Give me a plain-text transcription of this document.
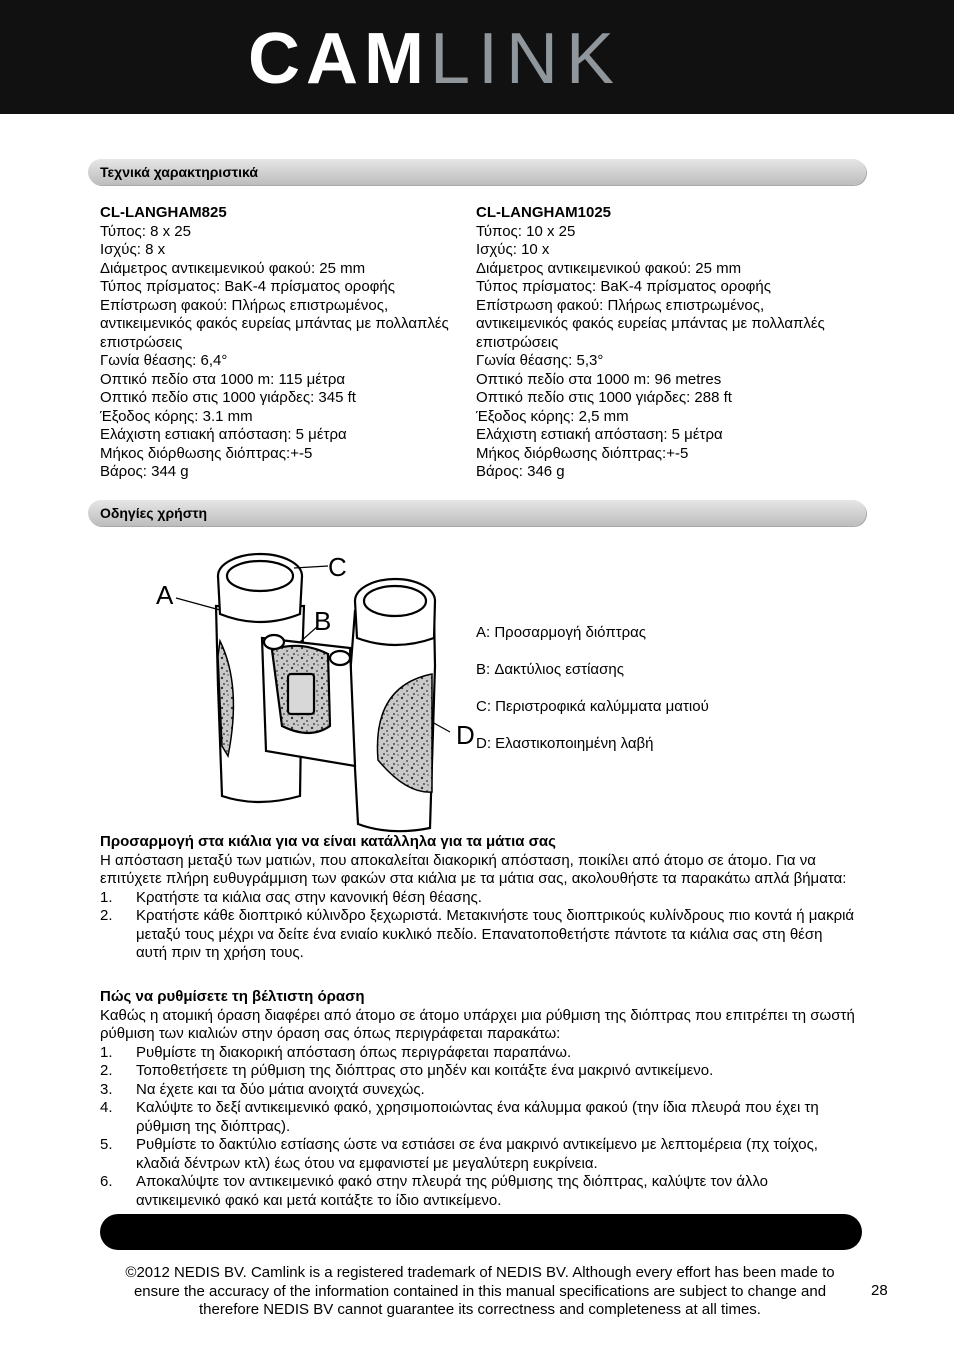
CAM LINK
Τεχνικά χαρακτηριστικά
CL-LANGHAM825
Τύπος: 8 x 25
Ισχύς: 8 x
Διάμετρος αντικειμενικού φακού: 25 mm
Τύπος πρίσματος: BaK-4 πρίσματος οροφής
Επίστρωση φακού: Πλήρως επιστρωμένος,
αντικειμενικός φακός ευρείας μπάντας με πολλαπλές
επιστρώσεις
Γωνία θέασης: 6,4°
Οπτικό πεδίο στα 1000 m: 115 μέτρα
Οπτικό πεδίο στις 1000 γιάρδες: 345 ft
Έξοδος κόρης: 3.1 mm
Ελάχιστη εστιακή απόσταση: 5 μέτρα
Μήκος διόρθωσης διόπτρας:+-5
Βάρος: 344 g
CL-LANGHAM1025
Τύπος: 10 x 25
Ισχύς: 10 x
Διάμετρος αντικειμενικού φακού: 25 mm
Τύπος πρίσματος: BaK-4 πρίσματος οροφής
Επίστρωση φακού: Πλήρως επιστρωμένος,
αντικειμενικός φακός ευρείας μπάντας με πολλαπλές
επιστρώσεις
Γωνία θέασης: 5,3°
Οπτικό πεδίο στα 1000 m: 96 metres
Οπτικό πεδίο στις 1000 γιάρδες: 288 ft
Έξοδος κόρης: 2,5 mm
Ελάχιστη εστιακή απόσταση: 5 μέτρα
Μήκος διόρθωσης διόπτρας:+-5
Βάρος: 346 g
Οδηγίες χρήστη
A
C
B
D
A: Προσαρμογή διόπτρας
B: Δακτύλιος εστίασης
C: Περιστροφικά καλύμματα ματιού
D: Ελαστικοποιημένη λαβή
Προσαρμογή στα κιάλια για να είναι κατάλληλα για τα μάτια σας
Η απόσταση μεταξύ των ματιών, που αποκαλείται διακορική απόσταση, ποικίλει από άτομο σε άτομο. Για να επιτύχετε πλήρη ευθυγράμμιση των φακών στα κιάλια με τα μάτια σας, ακολουθήστε τα παρακάτω απλά βήματα:
1. Κρατήστε τα κιάλια σας στην κανονική θέση θέασης.
2. Κρατήστε κάθε διοπτρικό κύλινδρο ξεχωριστά. Μετακινήστε τους διοπτρικούς κυλίνδρους πιο κοντά ή μακριά μεταξύ τους μέχρι να δείτε ένα ενιαίο κυκλικό πεδίο. Επανατοποθετήστε πάντοτε τα κιάλια σας στη θέση αυτή πριν τη χρήση τους.
Πώς να ρυθμίσετε τη βέλτιστη όραση
Καθώς η ατομική όραση διαφέρει από άτομο σε άτομο υπάρχει μια ρύθμιση της διόπτρας που επιτρέπει τη σωστή ρύθμιση των κιαλιών στην όραση σας όπως περιγράφεται παρακάτω:
1. Ρυθμίστε τη διακορική απόσταση όπως περιγράφεται παραπάνω.
2. Τοποθετήσετε τη ρύθμιση της διόπτρας στο μηδέν και κοιτάξτε ένα μακρινό αντικείμενο.
3. Να έχετε και τα δύο μάτια ανοιχτά συνεχώς.
4. Καλύψτε το δεξί αντικειμενικό φακό, χρησιμοποιώντας ένα κάλυμμα φακού (την ίδια πλευρά που έχει τη ρύθμιση της διόπτρας).
5. Ρυθμίστε το δακτύλιο εστίασης ώστε να εστιάσει σε ένα μακρινό αντικείμενο με λεπτομέρεια (πχ τοίχος, κλαδιά δέντρων κτλ) έως ότου να εμφανιστεί με μεγαλύτερη ευκρίνεια.
6. Αποκαλύψτε τον αντικειμενικό φακό στην πλευρά της ρύθμισης της διόπτρας, καλύψτε τον άλλο αντικειμενικό φακό και μετά κοιτάξτε το ίδιο αντικείμενο.
©2012 NEDIS BV. Camlink is a registered trademark of NEDIS BV. Although every effort has been made to ensure the accuracy of the information contained in this manual specifications are subject to change and therefore NEDIS BV cannot guarantee its correctness and completeness at all times.
28
